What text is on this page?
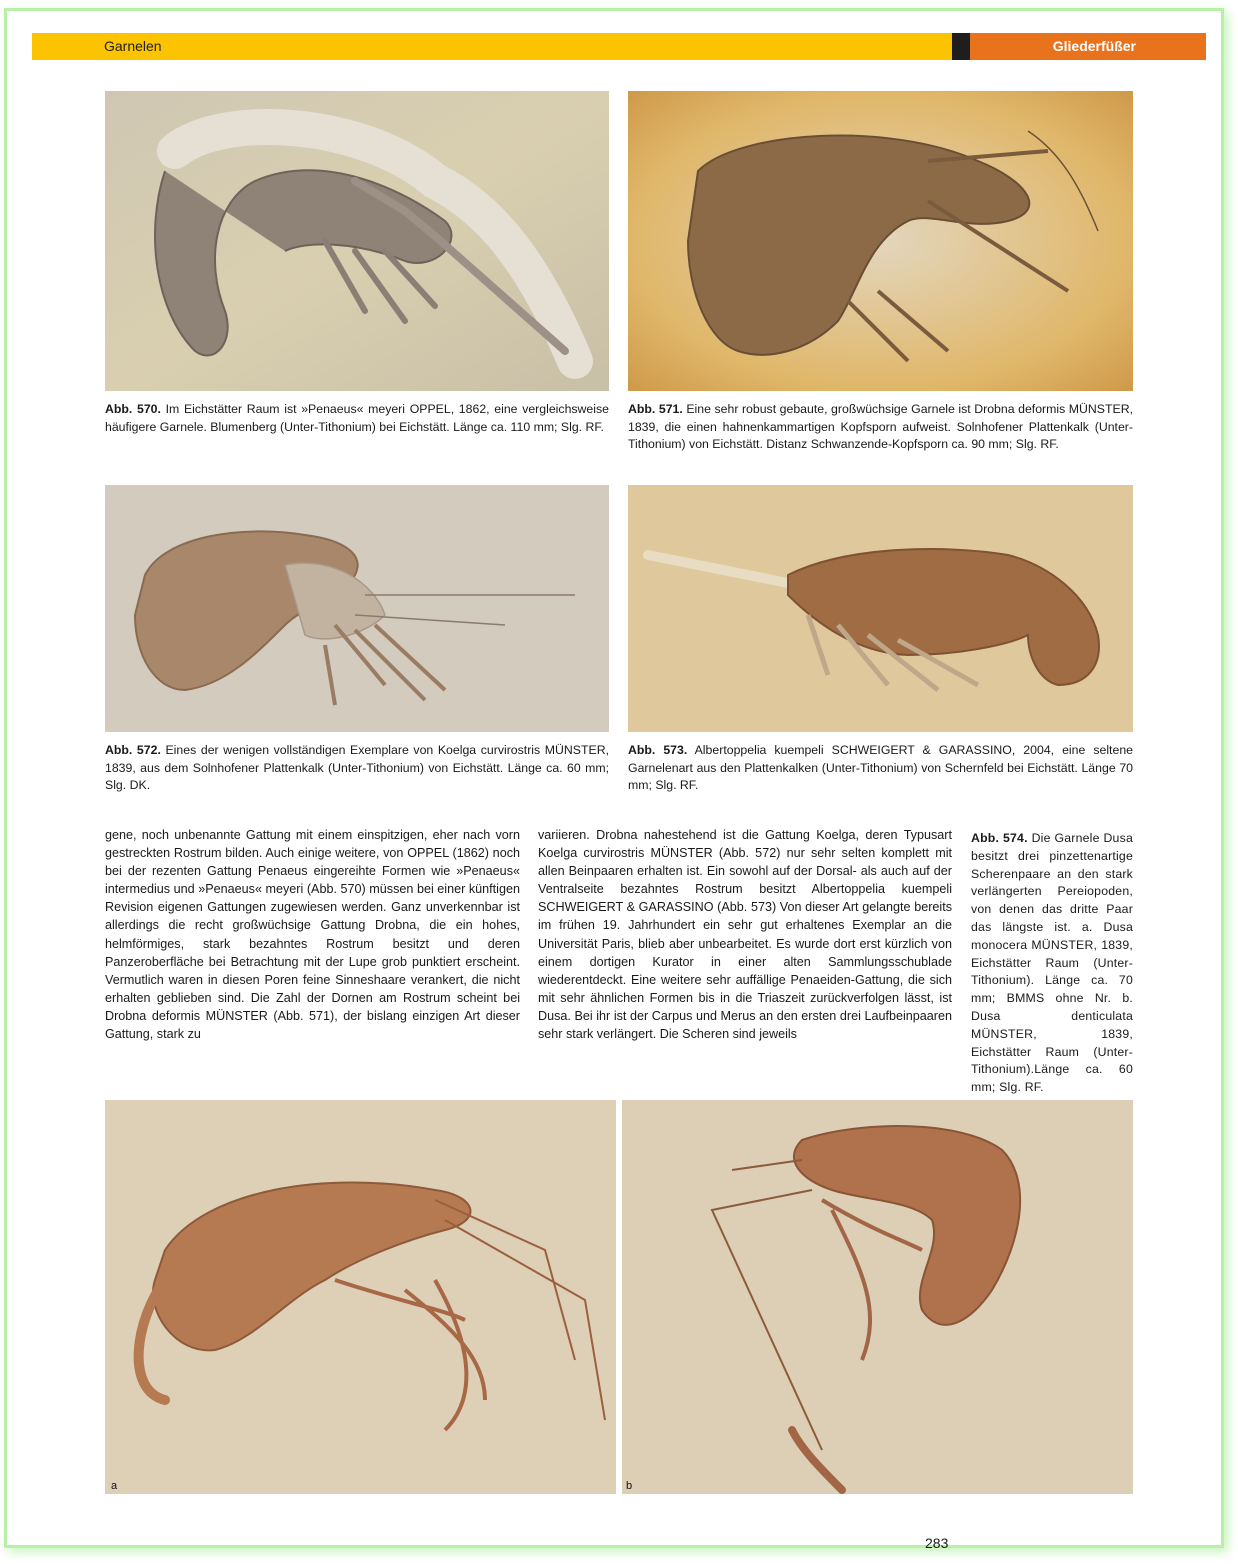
Garnelen	Gliederfüßer
Abb. 570. Im Eichstätter Raum ist »Penaeus« meyeri OPPEL, 1862, eine vergleichsweise häufigere Garnele. Blumenberg (Unter-Tithonium) bei Eichstätt. Länge ca. 110 mm; Slg. RF.
Abb. 571. Eine sehr robust gebaute, großwüchsige Garnele ist Drobna deformis MÜNSTER, 1839, die einen hahnenkammartigen Kopfsporn aufweist. Solnhofener Plattenkalk (Unter-Tithonium) von Eichstätt. Distanz Schwanzende-Kopfsporn ca. 90 mm; Slg. RF.
Abb. 572. Eines der wenigen vollständigen Exemplare von Koelga curvirostris MÜNSTER, 1839, aus dem Solnhofener Plattenkalk (Unter-Tithonium) von Eichstätt. Länge ca. 60 mm; Slg. DK.
Abb. 573. Albertoppelia kuempeli SCHWEIGERT & GARASSINO, 2004, eine seltene Garnelenart aus den Plattenkalken (Unter-Tithonium) von Schernfeld bei Eichstätt. Länge 70 mm; Slg. RF.
gene, noch unbenannte Gattung mit einem einspitzigen, eher nach vorn gestreckten Rostrum bilden. Auch einige weitere, von OPPEL (1862) noch bei der rezenten Gattung Penaeus eingereihte Formen wie »Penaeus« intermedius und »Penaeus« meyeri (Abb. 570) müssen bei einer künftigen Revision eigenen Gattungen zugewiesen werden. Ganz unverkennbar ist allerdings die recht großwüchsige Gattung Drobna, die ein hohes, helmförmiges, stark bezahntes Rostrum besitzt und deren Panzeroberfläche bei Betrachtung mit der Lupe grob punktiert erscheint. Vermutlich waren in diesen Poren feine Sinneshaare verankert, die nicht erhalten geblieben sind. Die Zahl der Dornen am Rostrum scheint bei Drobna deformis MÜNSTER (Abb. 571), der bislang einzigen Art dieser Gattung, stark zu
variieren. Drobna nahestehend ist die Gattung Koelga, deren Typusart Koelga curvirostris MÜNSTER (Abb. 572) nur sehr selten komplett mit allen Beinpaaren erhalten ist. Ein sowohl auf der Dorsal- als auch auf der Ventralseite bezahntes Rostrum besitzt Albertoppelia kuempeli SCHWEIGERT & GARASSINO (Abb. 573) Von dieser Art gelangte bereits im frühen 19. Jahrhundert ein sehr gut erhaltenes Exemplar an die Universität Paris, blieb aber unbearbeitet. Es wurde dort erst kürzlich von einem dortigen Kurator in einer alten Sammlungsschublade wiederentdeckt. Eine weitere sehr auffällige Penaeiden-Gattung, die sich mit sehr ähnlichen Formen bis in die Triaszeit zurückverfolgen lässt, ist Dusa. Bei ihr ist der Carpus und Merus an den ersten drei Laufbeinpaaren sehr stark verlängert. Die Scheren sind jeweils
Abb. 574. Die Garnele Dusa besitzt drei pinzettenartige Scherenpaare an den stark verlängerten Pereiopoden, von denen das dritte Paar das längste ist. a. Dusa monocera MÜNSTER, 1839, Eichstätter Raum (Unter-Tithonium). Länge ca. 70 mm; BMMS ohne Nr. b. Dusa denticulata MÜNSTER, 1839, Eichstätter Raum (Unter-Tithonium).Länge ca. 60 mm; Slg. RF.
a	b
283
